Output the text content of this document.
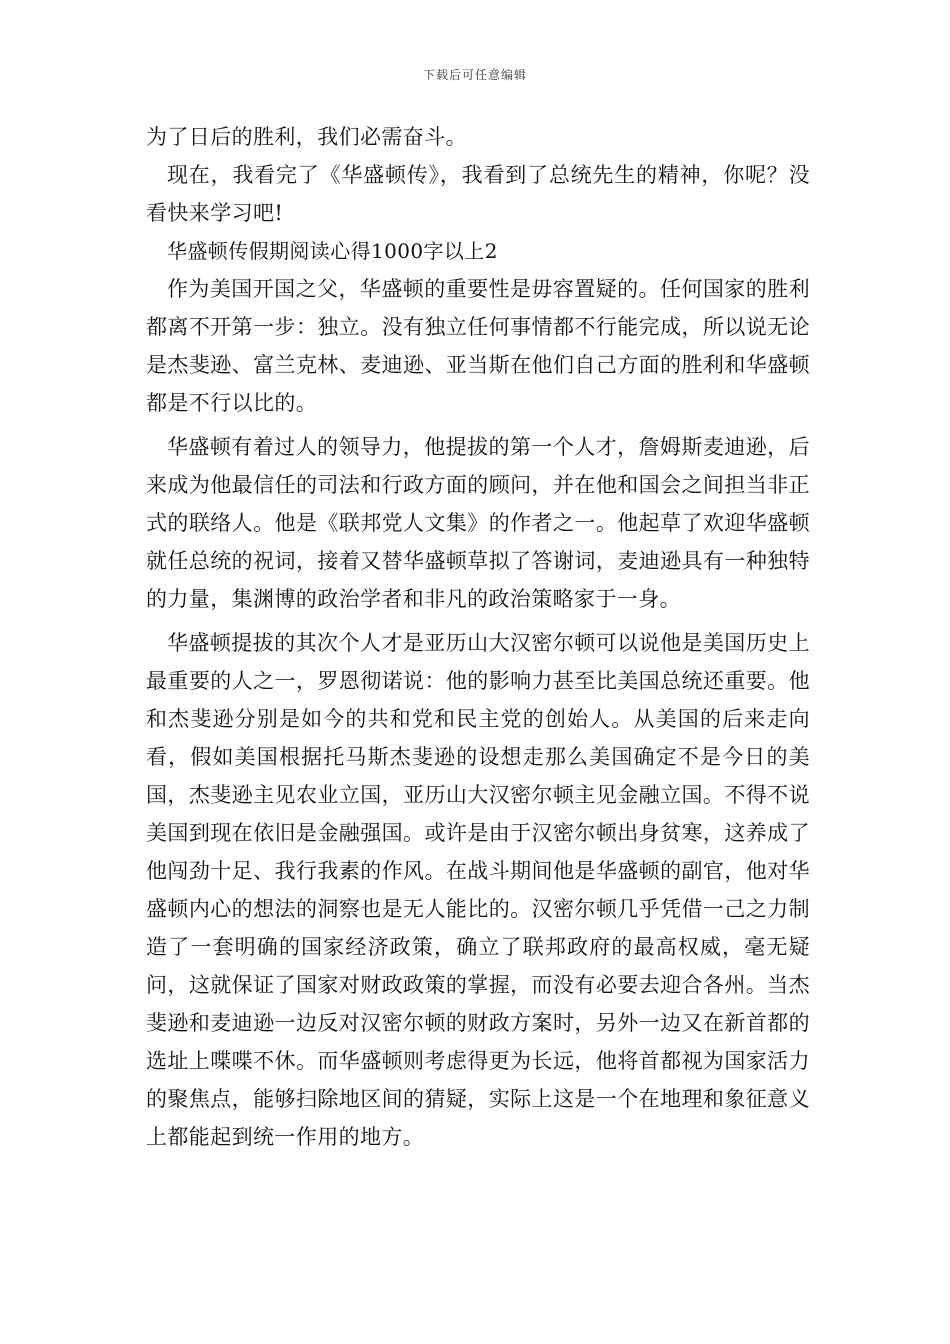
下载后可任意编辑

为了日后的胜利，我们必需奋斗。

现在，我看完了《华盛顿传》，我看到了总统先生的精神，你呢？没看快来学习吧!

华盛顿传假期阅读心得1000字以上2

作为美国开国之父，华盛顿的重要性是毋容置疑的。任何国家的胜利都离不开第一步：独立。没有独立任何事情都不行能完成，所以说无论是杰斐逊、富兰克林、麦迪逊、亚当斯在他们自己方面的胜利和华盛顿都是不行以比的。

华盛顿有着过人的领导力，他提拔的第一个人才，詹姆斯麦迪逊，后来成为他最信任的司法和行政方面的顾问，并在他和国会之间担当非正式的联络人。他是《联邦党人文集》的作者之一。他起草了欢迎华盛顿就任总统的祝词，接着又替华盛顿草拟了答谢词，麦迪逊具有一种独特的力量，集渊博的政治学者和非凡的政治策略家于一身。

华盛顿提拔的其次个人才是亚历山大汉密尔顿可以说他是美国历史上最重要的人之一，罗恩彻诺说：他的影响力甚至比美国总统还重要。他和杰斐逊分别是如今的共和党和民主党的创始人。从美国的后来走向看，假如美国根据托马斯杰斐逊的设想走那么美国确定不是今日的美国，杰斐逊主见农业立国，亚历山大汉密尔顿主见金融立国。不得不说美国到现在依旧是金融强国。或许是由于汉密尔顿出身贫寒，这养成了他闯劲十足、我行我素的作风。在战斗期间他是华盛顿的副官，他对华盛顿内心的想法的洞察也是无人能比的。汉密尔顿几乎凭借一己之力制造了一套明确的国家经济政策，确立了联邦政府的最高权威，毫无疑问，这就保证了国家对财政政策的掌握，而没有必要去迎合各州。当杰斐逊和麦迪逊一边反对汉密尔顿的财政方案时，另外一边又在新首都的选址上喋喋不休。而华盛顿则考虑得更为长远，他将首都视为国家活力的聚焦点，能够扫除地区间的猜疑，实际上这是一个在地理和象征意义上都能起到统一作用的地方。
